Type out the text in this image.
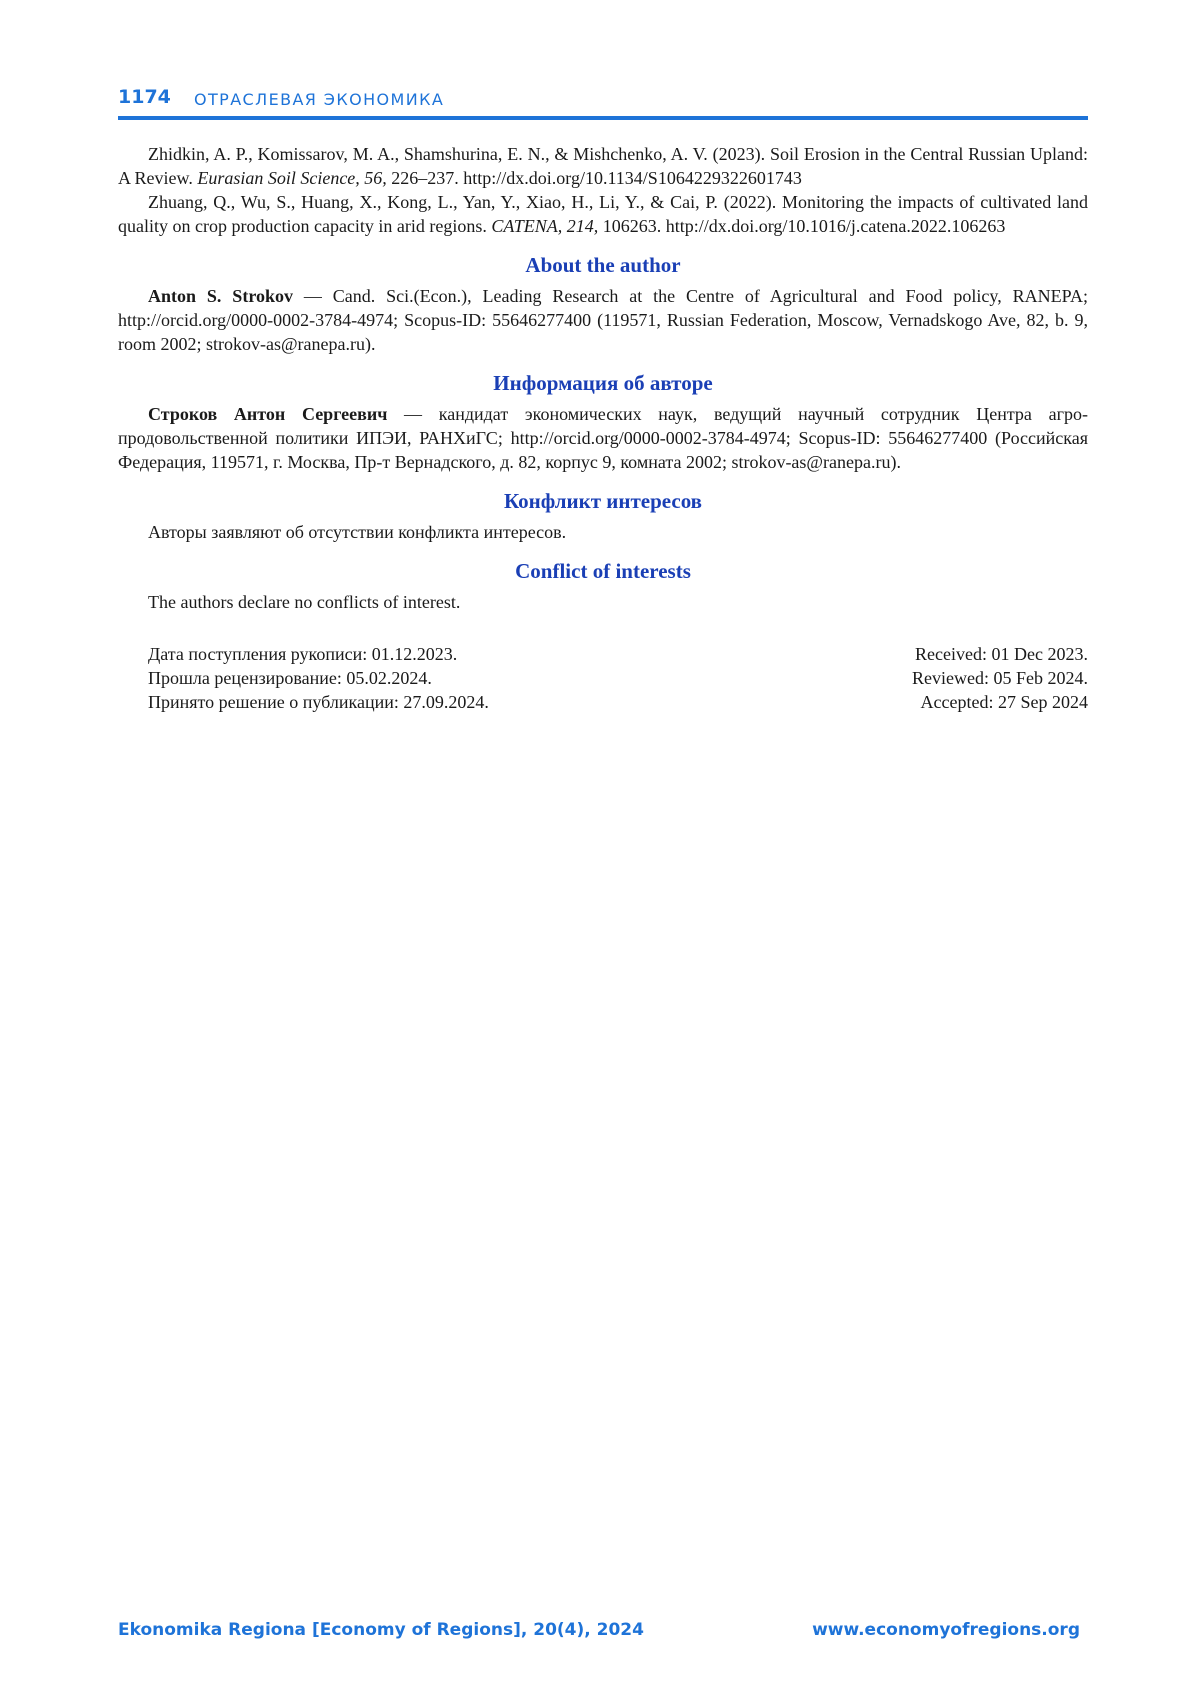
1174 ОТРАСЛЕВАЯ ЭКОНОМИКА

Zhidkin, A. P., Komissarov, M. A., Shamshurina, E. N., & Mishchenko, A. V. (2023). Soil Erosion in the Central Russian Upland: A Review. Eurasian Soil Science, 56, 226–237. http://dx.doi.org/10.1134/S1064229322601743

Zhuang, Q., Wu, S., Huang, X., Kong, L., Yan, Y., Xiao, H., Li, Y., & Cai, P. (2022). Monitoring the impacts of cultivated land quality on crop production capacity in arid regions. CATENA, 214, 106263. http://dx.doi.org/10.1016/j.catena.2022.106263

About the author

Anton S. Strokov — Cand. Sci.(Econ.), Leading Research at the Centre of Agricultural and Food policy, RANEPA; http://orcid.org/0000-0002-3784-4974; Scopus-ID: 55646277400 (119571, Russian Federation, Moscow, Vernadskogo Ave, 82, b. 9, room 2002; strokov-as@ranepa.ru).

Информация об авторе

Строков Антон Сергеевич — кандидат экономических наук, ведущий научный сотрудник Центра агро-продовольственной политики ИПЭИ, РАНХиГС; http://orcid.org/0000-0002-3784-4974; Scopus-ID: 55646277400 (Российская Федерация, 119571, г. Москва, Пр-т Вернадского, д. 82, корпус 9, комната 2002; strokov-as@ranepa.ru).

Конфликт интересов

Авторы заявляют об отсутствии конфликта интересов.

Conflict of interests

The authors declare no conflicts of interest.

Дата поступления рукописи: 01.12.2023.
Прошла рецензирование: 05.02.2024.
Принято решение о публикации: 27.09.2024.
Received: 01 Dec 2023.
Reviewed: 05 Feb 2024.
Accepted: 27 Sep 2024
Ekonomika Regiona [Economy of Regions], 20(4), 2024	www.economyofregions.org
